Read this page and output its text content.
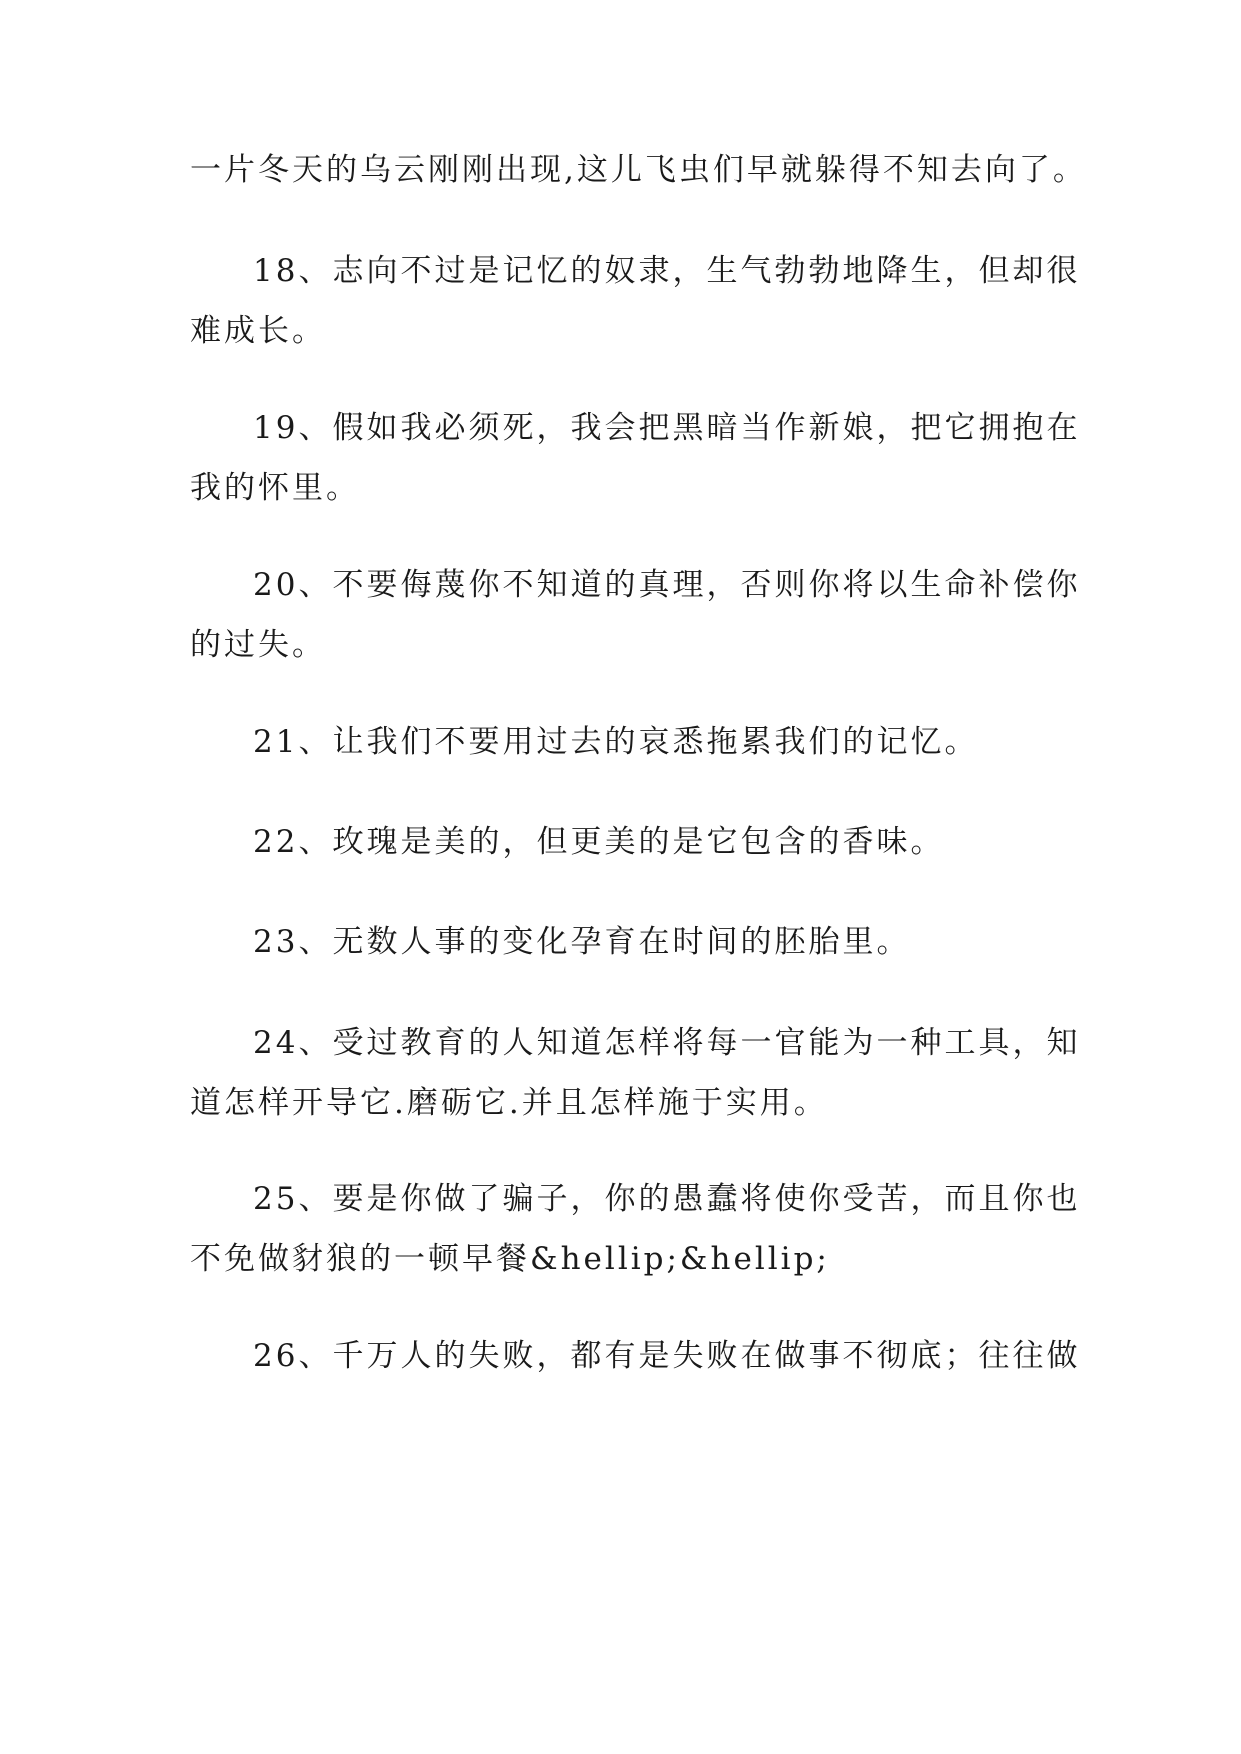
一片冬天的乌云刚刚出现,这儿飞虫们早就躲得不知去向了。
18、志向不过是记忆的奴隶，生气勃勃地降生，但却很
难成长。
19、假如我必须死，我会把黑暗当作新娘，把它拥抱在
我的怀里。
20、不要侮蔑你不知道的真理，否则你将以生命补偿你
的过失。
21、让我们不要用过去的哀悉拖累我们的记忆。
22、玫瑰是美的，但更美的是它包含的香味。
23、无数人事的变化孕育在时间的胚胎里。
24、受过教育的人知道怎样将每一官能为一种工具，知
道怎样开导它.磨砺它.并且怎样施于实用。
25、要是你做了骗子，你的愚蠢将使你受苦，而且你也
不免做豺狼的一顿早餐&hellip;&hellip;
26、千万人的失败，都有是失败在做事不彻底；往往做
